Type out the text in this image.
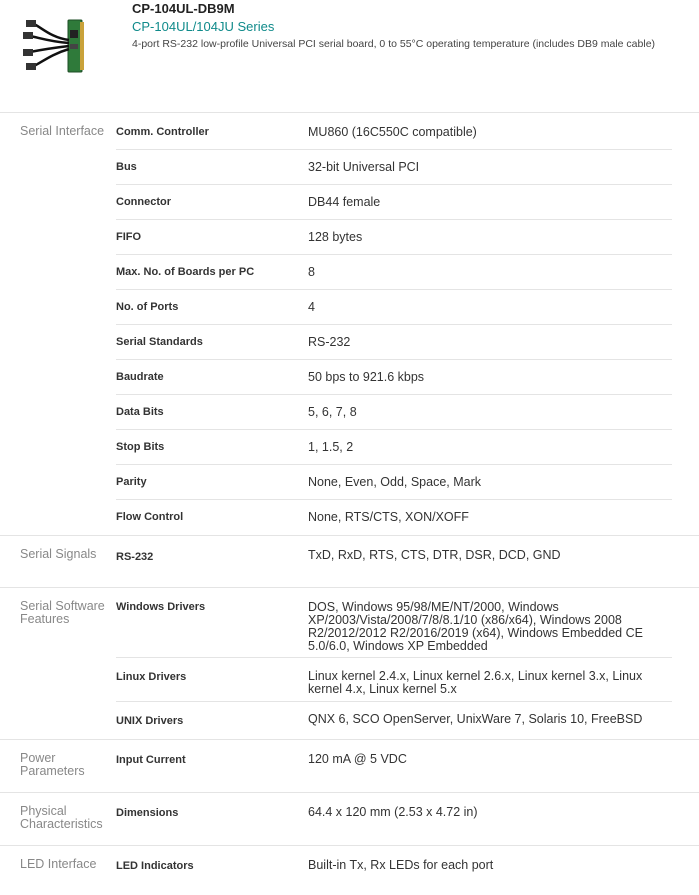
CP-104UL-DB9M
CP-104UL/104JU Series
4-port RS-232 low-profile Universal PCI serial board, 0 to 55°C operating temperature (includes DB9 male cable)
Serial Interface	Comm. Controller	MU860 (16C550C compatible)
Bus	32-bit Universal PCI
Connector	DB44 female
FIFO	128 bytes
Max. No. of Boards per PC	8
No. of Ports	4
Serial Standards	RS-232
Baudrate	50 bps to 921.6 kbps
Data Bits	5, 6, 7, 8
Stop Bits	1, 1.5, 2
Parity	None, Even, Odd, Space, Mark
Flow Control	None, RTS/CTS, XON/XOFF
Serial Signals	RS-232	TxD, RxD, RTS, CTS, DTR, DSR, DCD, GND
Serial Software Features
Windows Drivers	DOS, Windows 95/98/ME/NT/2000, Windows XP/2003/Vista/2008/7/8/8.1/10 (x86/x64), Windows 2008 R2/2012/2012 R2/2016/2019 (x64), Windows Embedded CE 5.0/6.0, Windows XP Embedded
Linux Drivers	Linux kernel 2.4.x, Linux kernel 2.6.x, Linux kernel 3.x, Linux kernel 4.x, Linux kernel 5.x
UNIX Drivers	QNX 6, SCO OpenServer, UnixWare 7, Solaris 10, FreeBSD
Power Parameters
Input Current	120 mA @ 5 VDC
Physical Characteristics
Dimensions	64.4 x 120 mm (2.53 x 4.72 in)
LED Interface	LED Indicators	Built-in Tx, Rx LEDs for each port
